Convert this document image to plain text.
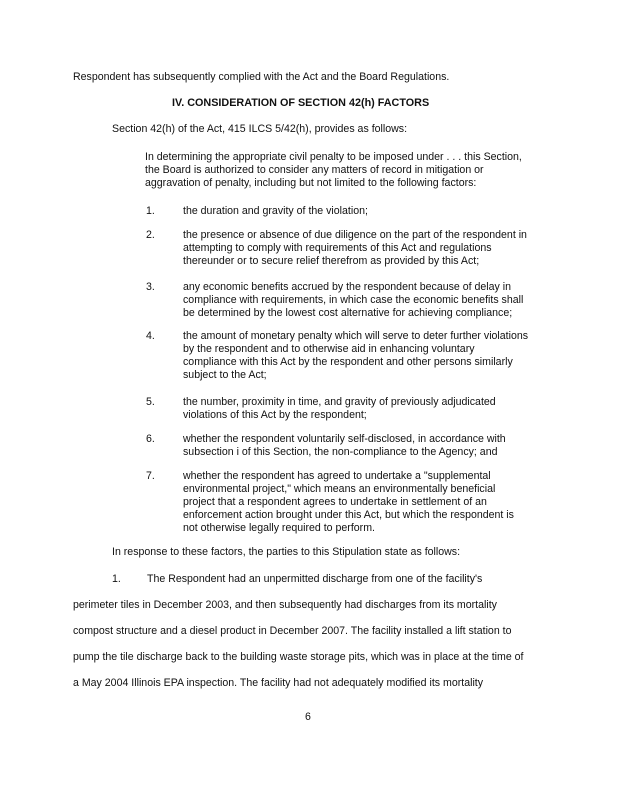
Respondent has subsequently complied with the Act and the Board Regulations.
IV. CONSIDERATION OF SECTION 42(h) FACTORS
Section 42(h) of the Act, 415 ILCS 5/42(h), provides as follows:
In determining the appropriate civil penalty to be imposed under . . . this Section,
the Board is authorized to consider any matters of record in mitigation or
aggravation of penalty, including but not limited to the following factors:
1.	the duration and gravity of the violation;
2.	the presence or absence of due diligence on the part of the respondent in
attempting to comply with requirements of this Act and regulations
thereunder or to secure relief therefrom as provided by this Act;
3.	any economic benefits accrued by the respondent because of delay in
compliance with requirements, in which case the economic benefits shall
be determined by the lowest cost alternative for achieving compliance;
4.	the amount of monetary penalty which will serve to deter further violations
by the respondent and to otherwise aid in enhancing voluntary
compliance with this Act by the respondent and other persons similarly
subject to the Act;
5.	the number, proximity in time, and gravity of previously adjudicated
violations of this Act by the respondent;
6.	whether the respondent voluntarily self-disclosed, in accordance with
subsection i of this Section, the non-compliance to the Agency; and
7.	whether the respondent has agreed to undertake a "supplemental
environmental project," which means an environmentally beneficial
project that a respondent agrees to undertake in settlement of an
enforcement action brought under this Act, but which the respondent is
not otherwise legally required to perform.
In response to these factors, the parties to this Stipulation state as follows:
1. The Respondent had an unpermitted discharge from one of the facility's
perimeter tiles in December 2003, and then subsequently had discharges from its mortality
compost structure and a diesel product in December 2007. The facility installed a lift station to
pump the tile discharge back to the building waste storage pits, which was in place at the time of
a May 2004 Illinois EPA inspection. The facility had not adequately modified its mortality
6
